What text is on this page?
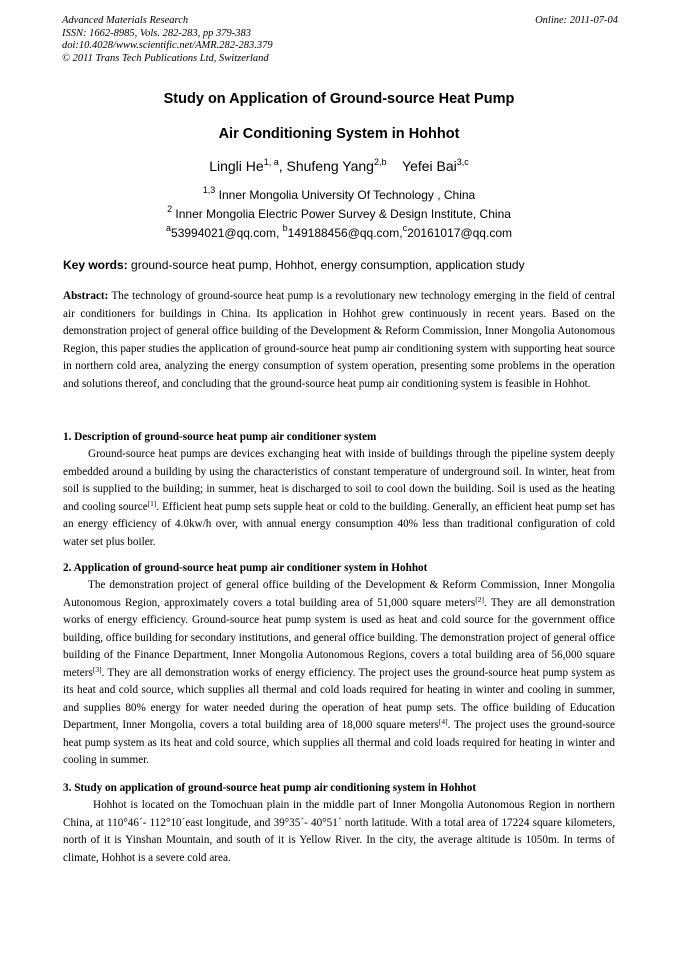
Advanced Materials Research
ISSN: 1662-8985, Vols. 282-283, pp 379-383
doi:10.4028/www.scientific.net/AMR.282-283.379
© 2011 Trans Tech Publications Ltd, Switzerland
Online: 2011-07-04
Study on Application of Ground-source Heat Pump
Air Conditioning System in Hohhot
Lingli He$^{1, a}$, Shufeng Yang$^{2,b}$ Yefei Bai$^{3,c}$
$^{1,3}$ Inner Mongolia University Of Technology , China
$^2$ Inner Mongolia Electric Power Survey & Design Institute, China
$^a$53994021@qq.com, $^b$149188456@qq.com,$^c$20161017@qq.com
Key words: ground-source heat pump, Hohhot, energy consumption, application study
Abstract: The technology of ground-source heat pump is a revolutionary new technology emerging in the field of central air conditioners for buildings in China. Its application in Hohhot grew continuously in recent years. Based on the demonstration project of general office building of the Development & Reform Commission, Inner Mongolia Autonomous Region, this paper studies the application of ground-source heat pump air conditioning system with supporting heat source in northern cold area, analyzing the energy consumption of system operation, presenting some problems in the operation and solutions thereof, and concluding that the ground-source heat pump air conditioning system is feasible in Hohhot.
1. Description of ground-source heat pump air conditioner system
Ground-source heat pumps are devices exchanging heat with inside of buildings through the pipeline system deeply embedded around a building by using the characteristics of constant temperature of underground soil. In winter, heat from soil is supplied to the building; in summer, heat is discharged to soil to cool down the building. Soil is used as the heating and cooling source[1]. Efficient heat pump sets supple heat or cold to the building. Generally, an efficient heat pump set has an energy efficiency of 4.0kw/h over, with annual energy consumption 40% less than traditional configuration of cold water set plus boiler.
2. Application of ground-source heat pump air conditioner system in Hohhot
The demonstration project of general office building of the Development & Reform Commission, Inner Mongolia Autonomous Region, approximately covers a total building area of 51,000 square meters[2]. They are all demonstration works of energy efficiency. Ground-source heat pump system is used as heat and cold source for the government office building, office building for secondary institutions, and general office building. The demonstration project of general office building of the Finance Department, Inner Mongolia Autonomous Regions, covers a total building area of 56,000 square meters[3]. They are all demonstration works of energy efficiency. The project uses the ground-source heat pump system as its heat and cold source, which supplies all thermal and cold loads required for heating in winter and cooling in summer, and supplies 80% energy for water needed during the operation of heat pump sets. The office building of Education Department, Inner Mongolia, covers a total building area of 18,000 square meters[4]. The project uses the ground-source heat pump system as its heat and cold source, which supplies all thermal and cold loads required for heating in winter and cooling in summer.
3. Study on application of ground-source heat pump air conditioning system in Hohhot
Hohhot is located on the Tomochuan plain in the middle part of Inner Mongolia Autonomous Region in northern China, at 110°46´- 112°10´east longitude, and 39°35´- 40°51´ north latitude. With a total area of 17224 square kilometers, north of it is Yinshan Mountain, and south of it is Yellow River. In the city, the average altitude is 1050m. In terms of climate, Hohhot is a severe cold area.
